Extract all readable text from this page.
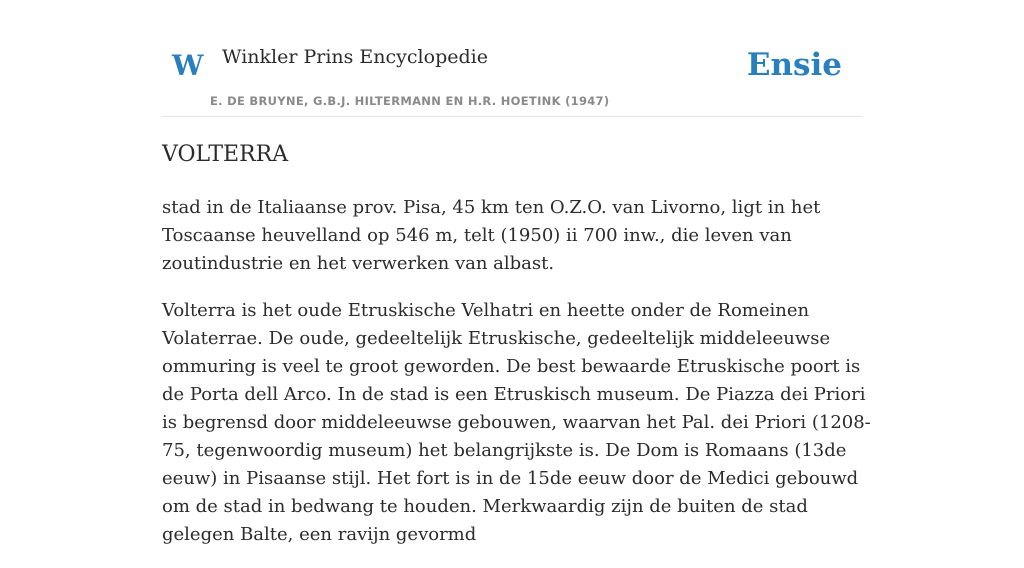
W Winkler Prins Encyclopedie
E. DE BRUYNE, G.B.J. HILTERMANN EN H.R. HOETINK (1947)
Ensie
VOLTERRA

stad in de Italiaanse prov. Pisa, 45 km ten O.Z.O. van Livorno, ligt in het Toscaanse heuvelland op 546 m, telt (1950) ii 700 inw., die leven van zoutindustrie en het verwerken van albast.

Volterra is het oude Etruskische Velhatri en heette onder de Romeinen Volaterrae. De oude, gedeeltelijk Etruskische, gedeeltelijk middeleeuwse ommuring is veel te groot geworden. De best bewaarde Etruskische poort is de Porta dell Arco. In de stad is een Etruskisch museum. De Piazza dei Priori is begrensd door middeleeuwse gebouwen, waarvan het Pal. dei Priori (1208-75, tegenwoordig museum) het belangrijkste is. De Dom is Romaans (13de eeuw) in Pisaanse stijl. Het fort is in de 15de eeuw door de Medici gebouwd om de stad in bedwang te houden. Merkwaardig zijn de buiten de stad gelegen Balte, een ravijn gevormd
